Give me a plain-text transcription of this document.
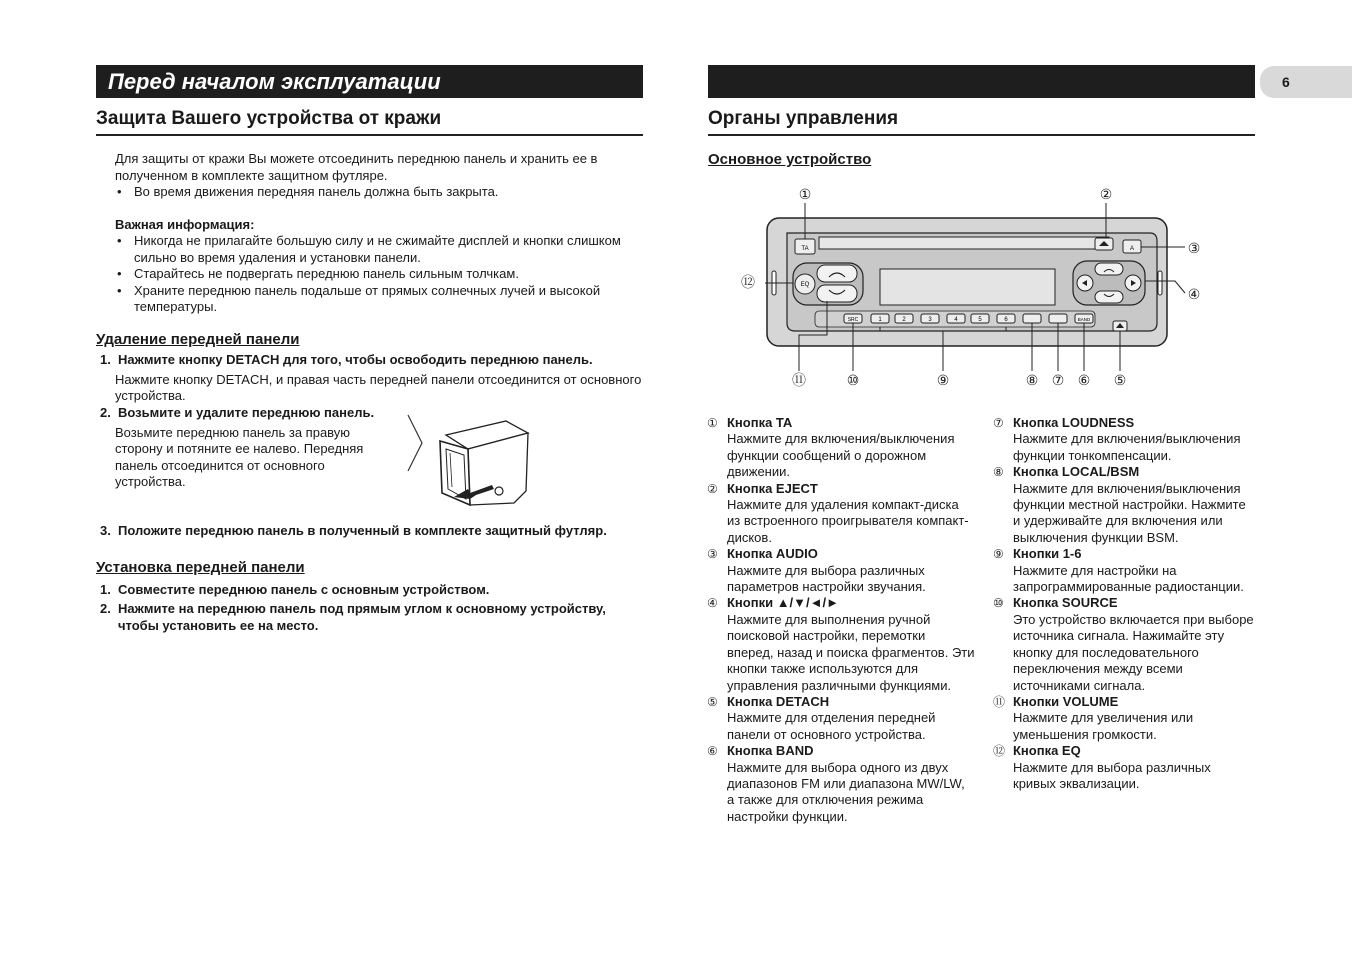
Перед началом эксплуатации
Защита Вашего устройства от кражи
Для защиты от кражи Вы можете отсоединить переднюю панель и хранить ее в полученном в комплекте защитном футляре.
• Во время движения передняя панель должна быть закрыта.
Важная информация:
• Никогда не прилагайте большую силу и не сжимайте дисплей и кнопки слишком сильно во время удаления и установки панели.
• Старайтесь не подвергать переднюю панель сильным толчкам.
• Храните переднюю панель подальше от прямых солнечных лучей и высокой температуры.
Удаление передней панели
1. Нажмите кнопку DETACH для того, чтобы освободить переднюю панель.
Нажмите кнопку DETACH, и правая часть передней панели отсоединится от основного устройства.
2. Возьмите и удалите переднюю панель.
Возьмите переднюю панель за правую сторону и потяните ее налево. Передняя панель отсоединится от основного устройства.
3. Положите переднюю панель в полученный в комплекте защитный футляр.
Установка передней панели
1. Совместите переднюю панель с основным устройством.
2. Нажмите на переднюю панель под прямым углом к основному устройству, чтобы установить ее на место.
6
Органы управления
Основное устройство
TA	A
EQ
SRC	1	2	3	4	5	6	BAND
①	②
③
④
⑤
⑥
⑦
⑧
⑨
⑩
⑪
⑫
① Кнопка TA
Нажмите для включения/выключения функции сообщений о дорожном движении.
② Кнопка EJECT
Нажмите для удаления компакт-диска из встроенного проигрывателя компакт-дисков.
③ Кнопка AUDIO
Нажмите для выбора различных параметров настройки звучания.
④ Кнопки ▲/▼/◄/►
Нажмите для выполнения ручной поисковой настройки, перемотки вперед, назад и поиска фрагментов. Эти кнопки также используются для управления различными функциями.
⑤ Кнопка DETACH
Нажмите для отделения передней панели от основного устройства.
⑥ Кнопка BAND
Нажмите для выбора одного из двух диапазонов FM или диапазона MW/LW, а также для отключения режима настройки функции.
⑦ Кнопка LOUDNESS
Нажмите для включения/выключения функции тонкомпенсации.
⑧ Кнопка LOCAL/BSM
Нажмите для включения/выключения функции местной настройки. Нажмите и удерживайте для включения или выключения функции BSM.
⑨ Кнопки 1-6
Нажмите для настройки на запрограммированные радиостанции.
⑩ Кнопка SOURCE
Это устройство включается при выборе источника сигнала. Нажимайте эту кнопку для последовательного переключения между всеми источниками сигнала.
⑪ Кнопки VOLUME
Нажмите для увеличения или уменьшения громкости.
⑫ Кнопка EQ
Нажмите для выбора различных кривых эквализации.
